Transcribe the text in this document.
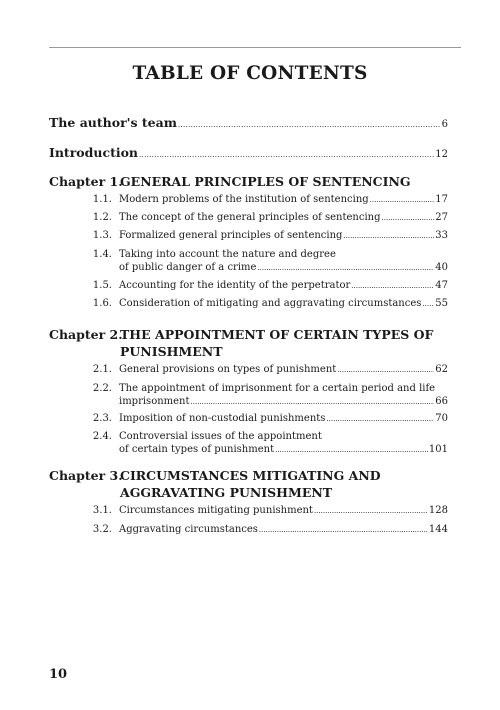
TABLE OF CONTENTS
The author's team .....	6
Introduction .....	12
Chapter 1.
GENERAL PRINCIPLES OF SENTENCING
1.1. Modern problems of the institution of sentencing .....	17
1.2. The concept of the general principles of sentencing .....	27
1.3. Formalized general principles of sentencing .....	33
1.4. Taking into account the nature and degree
of public danger of a crime .....	40
1.5. Accounting for the identity of the perpetrator .....	47
1.6. Consideration of mitigating and aggravating circumstances ..... 55
Chapter 2.
THE APPOINTMENT OF CERTAIN TYPES OF PUNISHMENT
2.1. General provisions on types of punishment .....	62
2.2. The appointment of imprisonment for a certain period and life
imprisonment .....	66
2.3. Imposition of non-custodial punishments .....	70
2.4. Controversial issues of the appointment
of certain types of punishment .....	101
Chapter 3.
CIRCUMSTANCES MITIGATING AND AGGRAVATING PUNISHMENT
3.1. Circumstances mitigating punishment .....	128
3.2. Aggravating circumstances .....	144
10
